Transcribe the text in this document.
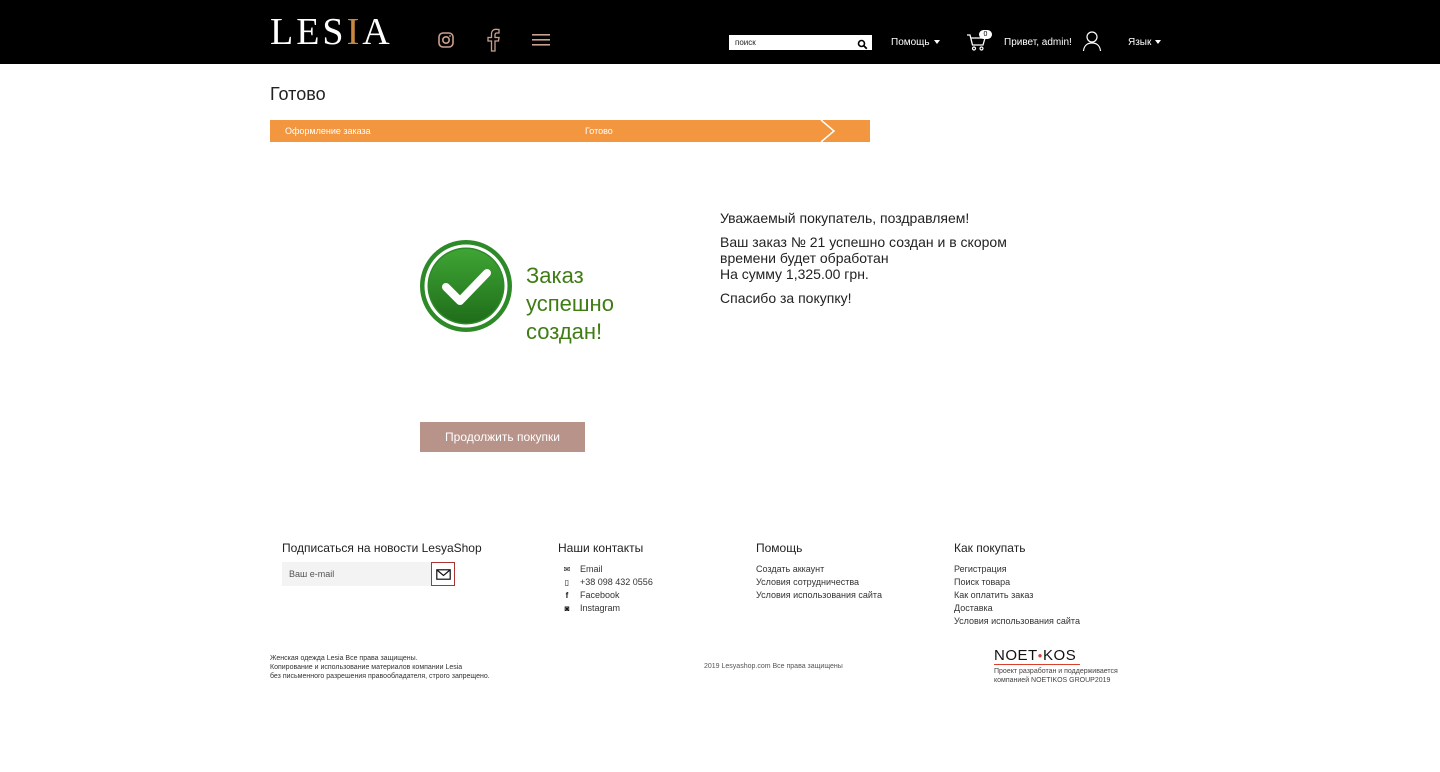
LESӀA
поиск	Помощь
0
Привет, admin!	Язык
Готово
Оформление заказа	Готово
Заказ
успешно
создан!

Уважаемый покупатель, поздравляем!

Ваш заказ № 21 успешно создан и в скором
времени будет обработан
На сумму 1,325.00 грн.

Спасибо за покупку!

Продолжить покупки
Подписаться на новости LesyaShop
Ваш e-mail	Наши контакты
✉ Email
▯	+38 098 432 0556
f	Facebook
◙	Instagram
Помощь
Создать аккаунт
Условия сотрудничества
Условия использования сайта
Как покупать
Регистрация
Поиск товара
Как оплатить заказ
Доставка
Условия использования сайта
Женская одежда Lesia Все права защищены.
Копирование и использование материалов компании Lesia
без письменного разрешения правообладателя, строго запрещено.
2019 Lesyashop.com Все права защищены
NOET●KOS
Проект разработан и поддерживается
компанией NOETIKOS GROUP2019
